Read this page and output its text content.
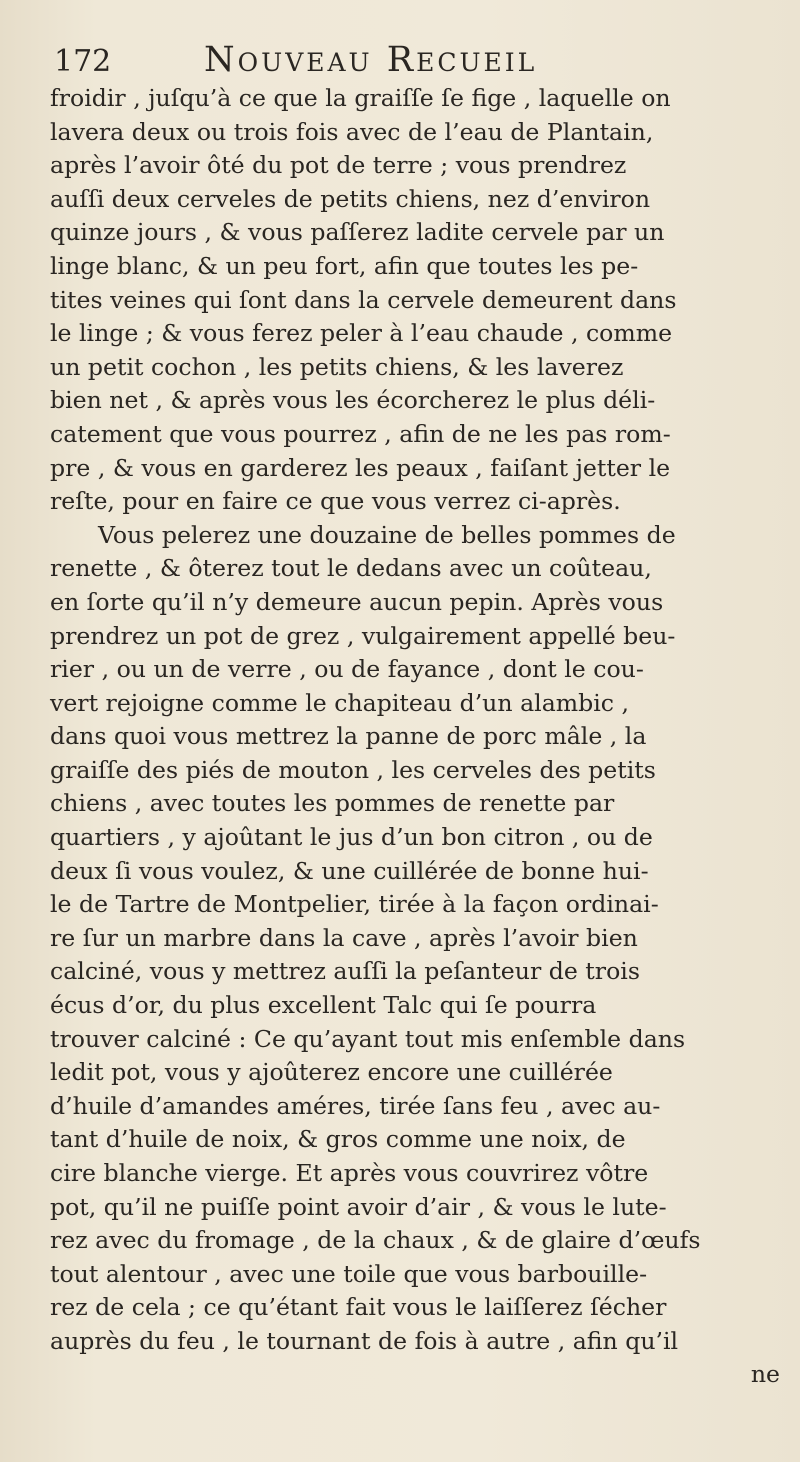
172	Nouveau Recueil
froidir , juſqu’à ce que la graiſſe ſe fige , laquelle on
lavera deux ou trois fois avec de l’eau de Plantain,
après l’avoir ôté du pot de terre ; vous prendrez
auſſi deux cerveles de petits chiens, nez d’environ
quinze jours , & vous paſſerez ladite cervele par un
linge blanc, & un peu fort, afin que toutes les pe-
tites veines qui ſont dans la cervele demeurent dans
le linge ; & vous ferez peler à l’eau chaude , comme
un petit cochon , les petits chiens, & les laverez
bien net , & après vous les écorcherez le plus déli-
catement que vous pourrez , afin de ne les pas rom-
pre , & vous en garderez les peaux , faiſant jetter le
reſte, pour en faire ce que vous verrez ci-après.
Vous pelerez une douzaine de belles pommes de
renette , & ôterez tout le dedans avec un coûteau,
en ſorte qu’il n’y demeure aucun pepin. Après vous
prendrez un pot de grez , vulgairement appellé beu-
rier , ou un de verre , ou de fayance , dont le cou-
vert rejoigne comme le chapiteau d’un alambic ,
dans quoi vous mettrez la panne de porc mâle , la
graiſſe des piés de mouton , les cerveles des petits
chiens , avec toutes les pommes de renette par
quartiers , y ajoûtant le jus d’un bon citron , ou de
deux ſi vous voulez, & une cuillérée de bonne hui-
le de Tartre de Montpelier, tirée à la façon ordinai-
re ſur un marbre dans la cave , après l’avoir bien
calciné, vous y mettrez auſſi la peſanteur de trois
écus d’or, du plus excellent Talc qui ſe pourra
trouver calciné : Ce qu’ayant tout mis enſemble dans
ledit pot, vous y ajoûterez encore une cuillérée
d’huile d’amandes améres, tirée ſans feu , avec au-
tant d’huile de noix, & gros comme une noix, de
cire blanche vierge. Et après vous couvrirez vôtre
pot, qu’il ne puiſſe point avoir d’air , & vous le lute-
rez avec du fromage , de la chaux , & de glaire d’œufs
tout alentour , avec une toile que vous barbouille-
rez de cela ; ce qu’étant fait vous le laiſſerez ſécher
auprès du feu , le tournant de fois à autre , afin qu’il
ne
